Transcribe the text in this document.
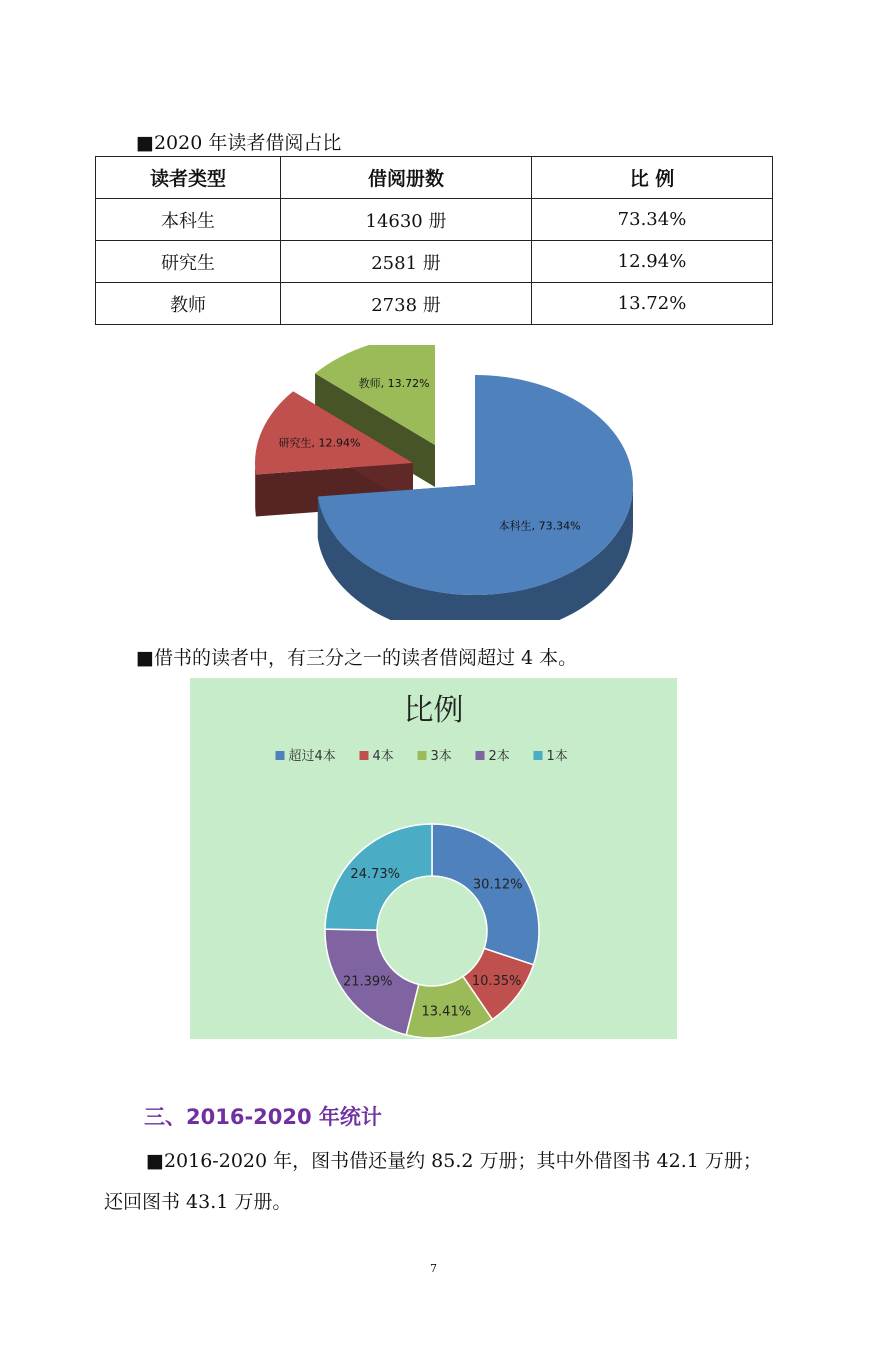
■2020 年读者借阅占比
读者类型	借阅册数	比 例
本科生	14630 册	73.34%
研究生	2581 册	12.94%
教师	2738 册	13.72%
教师, 13.72%
研究生, 12.94%
本科生, 73.34%
■借书的读者中，有三分之一的读者借阅超过 4 本。
比例
超过4本	4本	3本	2本	1本
30.12%
10.35%
13.41%
21.39%
24.73%
三、2016-2020 年统计
■2016-2020 年，图书借还量约 85.2 万册；其中外借图书 42.1 万册；
还回图书 43.1 万册。
7
